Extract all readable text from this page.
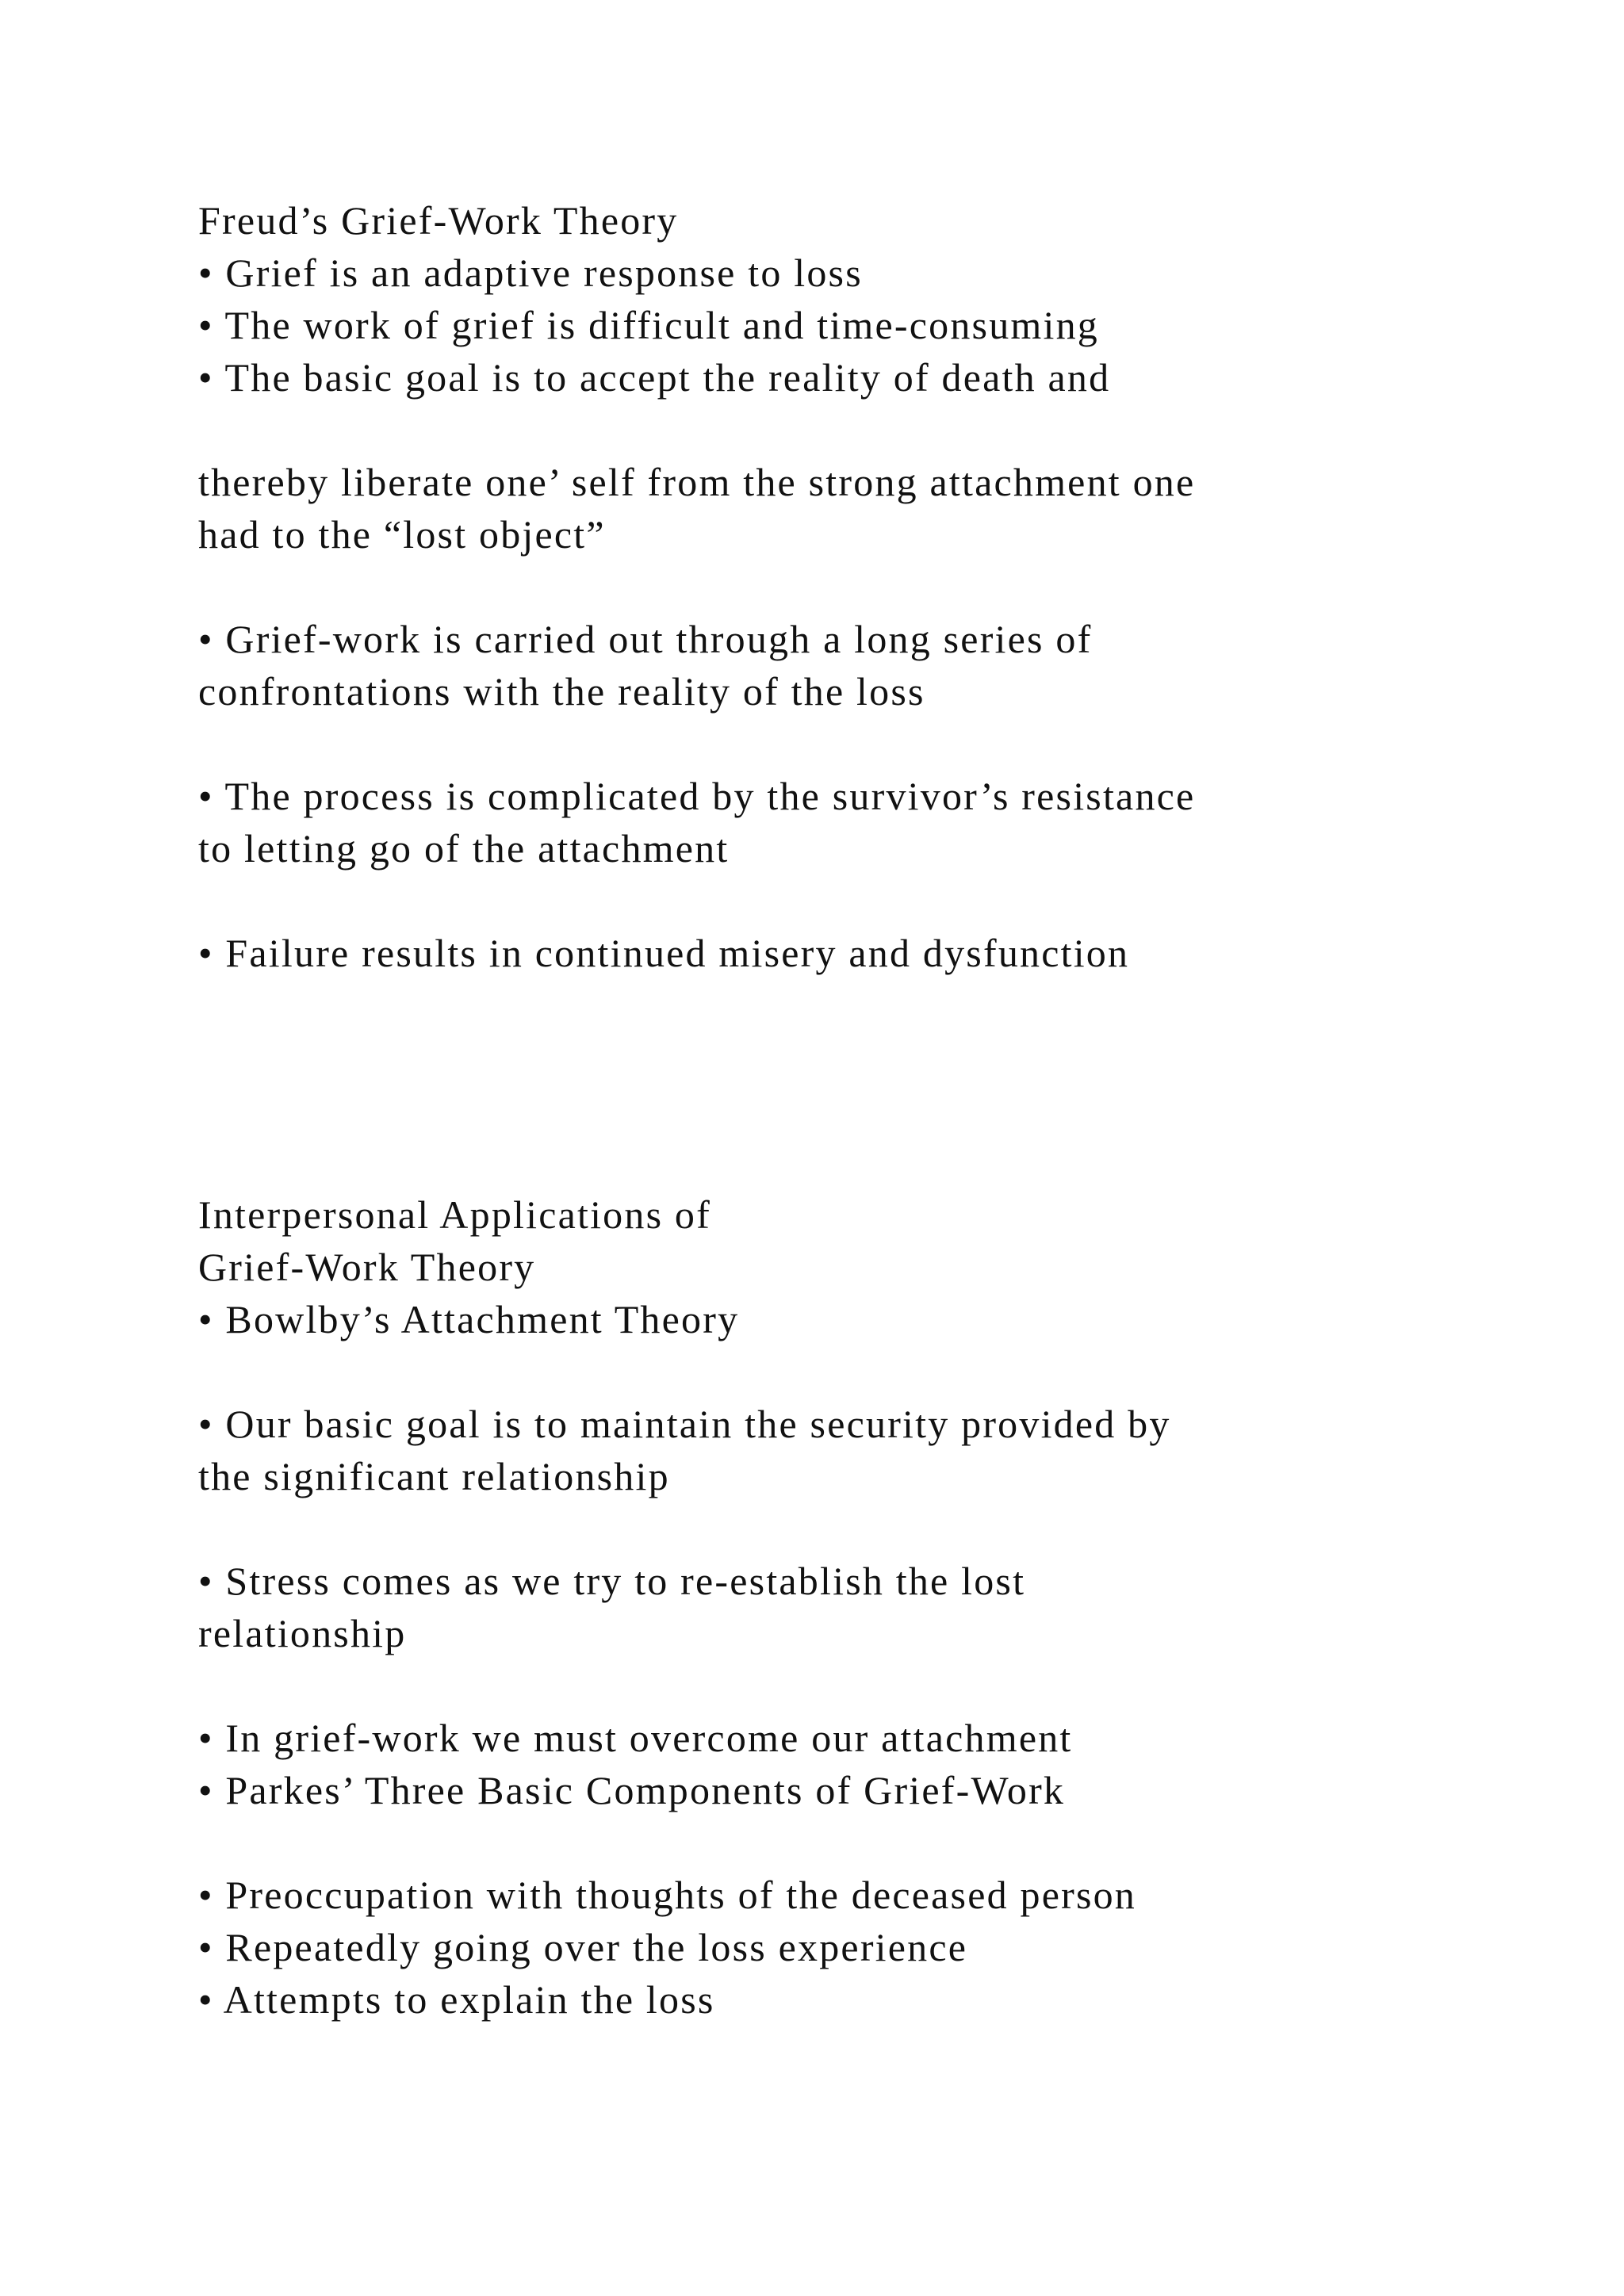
Freud’s Grief-Work Theory
• Grief is an adaptive response to loss
• The work of grief is difficult and time-consuming
• The basic goal is to accept the reality of death and
thereby liberate one’ self from the strong attachment one
had to the “lost object”
• Grief-work is carried out through a long series of
confrontations with the reality of the loss
• The process is complicated by the survivor’s resistance
to letting go of the attachment
• Failure results in continued misery and dysfunction
Interpersonal Applications of
Grief-Work Theory
• Bowlby’s Attachment Theory
• Our basic goal is to maintain the security provided by
the significant relationship
• Stress comes as we try to re-establish the lost
relationship
• In grief-work we must overcome our attachment
• Parkes’ Three Basic Components of Grief-Work
• Preoccupation with thoughts of the deceased person
• Repeatedly going over the loss experience
• Attempts to explain the loss
